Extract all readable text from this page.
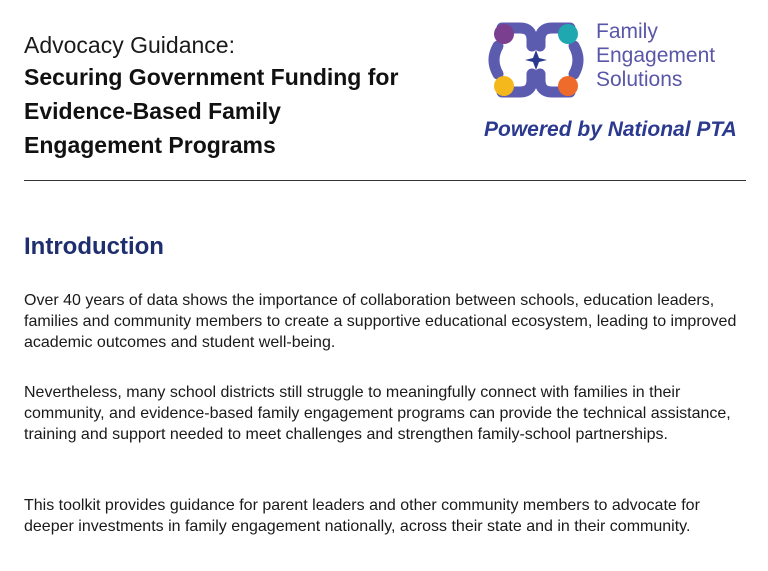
Advocacy Guidance:
Securing Government Funding for
Evidence-Based Family
Engagement Programs
Family
Engagement
Solutions
Powered by National PTA
Introduction
Over 40 years of data shows the importance of collaboration between schools, education leaders, families and community members to create a supportive educational ecosystem, leading to improved academic outcomes and student well-being.
Nevertheless, many school districts still struggle to meaningfully connect with families in their community, and evidence-based family engagement programs can provide the technical assistance, training and support needed to meet challenges and strengthen family-school partnerships.
This toolkit provides guidance for parent leaders and other community members to advocate for deeper investments in family engagement nationally, across their state and in their community.
